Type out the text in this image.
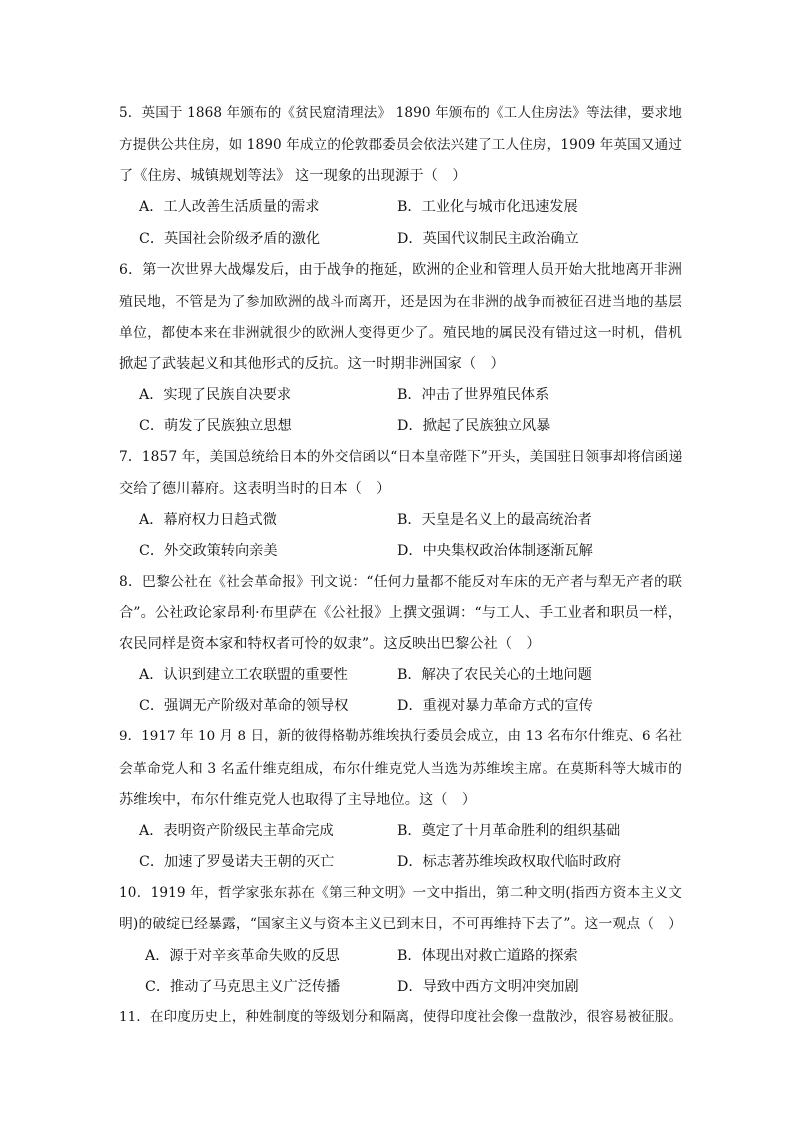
5．英国于 1868 年颁布的《贫民窟清理法》 1890 年颁布的《工人住房法》等法律，要求地
方提供公共住房，如 1890 年成立的伦敦郡委员会依法兴建了工人住房，1909 年英国又通过
了《住房、城镇规划等法》 这一现象的出现源于（　）
A．工人改善生活质量的需求	B．工业化与城市化迅速发展
C．英国社会阶级矛盾的激化	D．英国代议制民主政治确立
6．第一次世界大战爆发后，由于战争的拖延，欧洲的企业和管理人员开始大批地离开非洲
殖民地，不管是为了参加欧洲的战斗而离开，还是因为在非洲的战争而被征召进当地的基层
单位，都使本来在非洲就很少的欧洲人变得更少了。殖民地的属民没有错过这一时机，借机
掀起了武装起义和其他形式的反抗。这一时期非洲国家（　）
A．实现了民族自决要求	B．冲击了世界殖民体系
C．萌发了民族独立思想	D．掀起了民族独立风暴
7．1857 年，美国总统给日本的外交信函以“日本皇帝陛下”开头，美国驻日领事却将信函递
交给了德川幕府。这表明当时的日本（　）
A．幕府权力日趋式微	B．天皇是名义上的最高统治者
C．外交政策转向亲美	D．中央集权政治体制逐渐瓦解
8．巴黎公社在《社会革命报》刊文说：“任何力量都不能反对车床的无产者与犁无产者的联
合”。公社政论家昂利·布里萨在《公社报》上撰文强调：“与工人、手工业者和职员一样，
农民同样是资本家和特权者可怜的奴隶”。这反映出巴黎公社（　）
A．认识到建立工农联盟的重要性	B．解决了农民关心的土地问题
C．强调无产阶级对革命的领导权	D．重视对暴力革命方式的宣传
9．1917 年 10 月 8 日，新的彼得格勒苏维埃执行委员会成立，由 13 名布尔什维克、6 名社
会革命党人和 3 名孟什维克组成，布尔什维克党人当选为苏维埃主席。在莫斯科等大城市的
苏维埃中，布尔什维克党人也取得了主导地位。这（　）
A．表明资产阶级民主革命完成	B．奠定了十月革命胜利的组织基础
C．加速了罗曼诺夫王朝的灭亡	D．标志著苏维埃政权取代临时政府
10．1919 年，哲学家张东荪在《第三种文明》一文中指出，第二种文明(指西方资本主义文
明)的破绽已经暴露，“国家主义与资本主义已到末日，不可再维持下去了”。这一观点（　）
A．源于对辛亥革命失败的反思	B．体现出对救亡道路的探索
C．推动了马克思主义广泛传播	D．导致中西方文明冲突加剧
11．在印度历史上，种姓制度的等级划分和隔离，使得印度社会像一盘散沙，很容易被征服。
